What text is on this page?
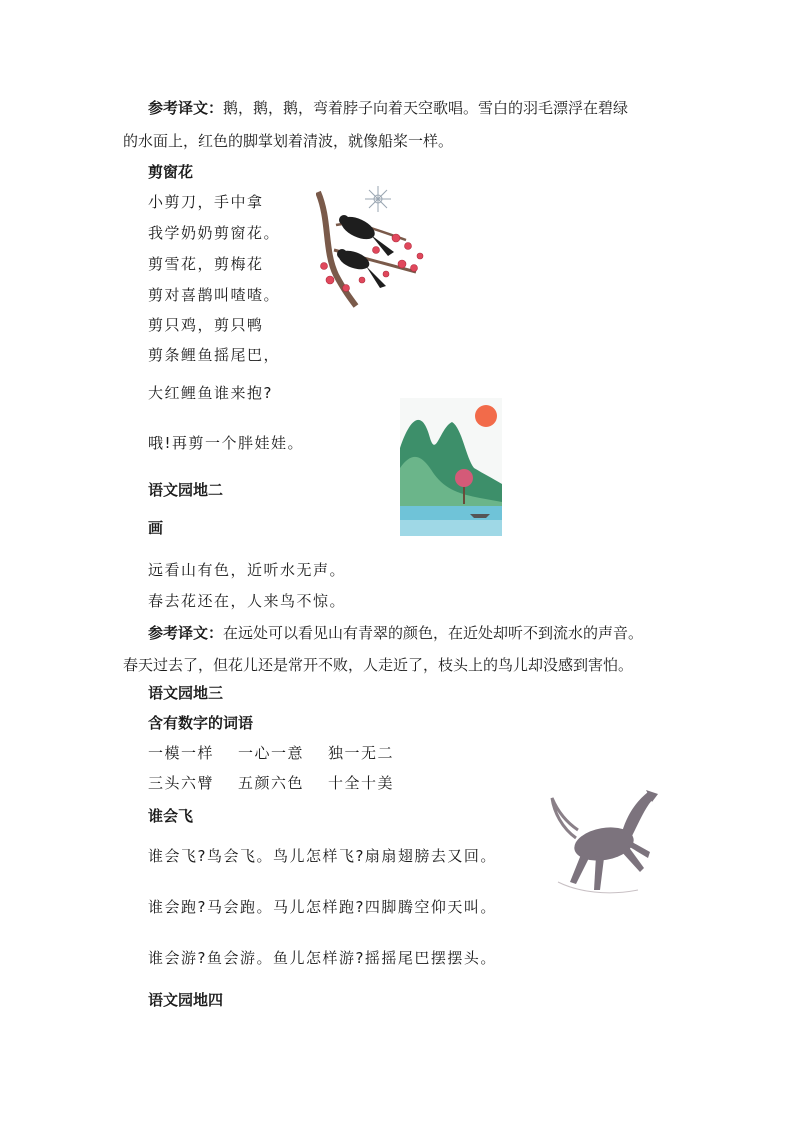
参考译文：鹅，鹅，鹅，弯着脖子向着天空歌唱。雪白的羽毛漂浮在碧绿
的水面上，红色的脚掌划着清波，就像船桨一样。
剪窗花
小剪刀，手中拿
我学奶奶剪窗花。
剪雪花，剪梅花
剪对喜鹊叫喳喳。
剪只鸡，剪只鸭
剪条鲤鱼摇尾巴，
大红鲤鱼谁来抱?
哦!再剪一个胖娃娃。
语文园地二
画
远看山有色，近听水无声。
春去花还在，人来鸟不惊。
参考译文：在远处可以看见山有青翠的颜色，在近处却听不到流水的声音。
春天过去了，但花儿还是常开不败，人走近了，枝头上的鸟儿却没感到害怕。
语文园地三
含有数字的词语
一模一样 一心一意 独一无二
三头六臂 五颜六色 十全十美
谁会飞
谁会飞?鸟会飞。鸟儿怎样飞?扇扇翅膀去又回。
谁会跑?马会跑。马儿怎样跑?四脚腾空仰天叫。
谁会游?鱼会游。鱼儿怎样游?摇摇尾巴摆摆头。
语文园地四
